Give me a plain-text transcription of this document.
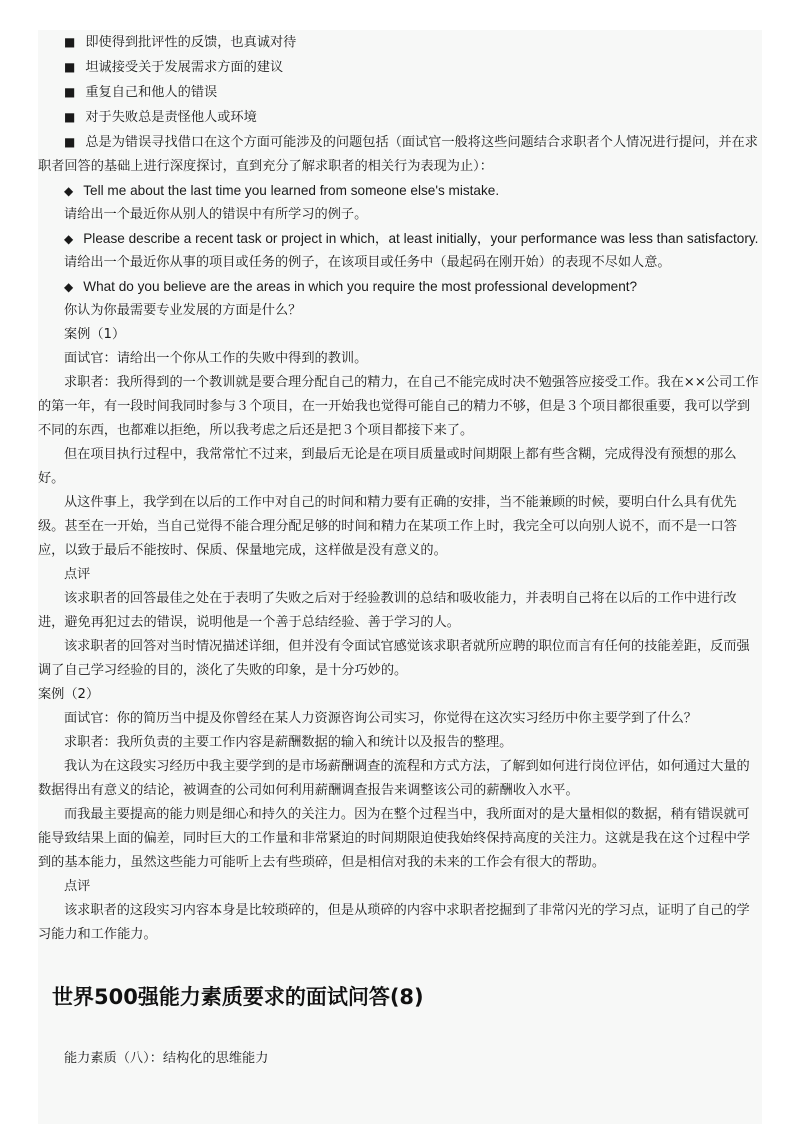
■ 即使得到批评性的反馈，也真诚对待

■ 坦诚接受关于发展需求方面的建议

■ 重复自己和他人的错误

■ 对于失败总是责怪他人或环境

■ 总是为错误寻找借口在这个方面可能涉及的问题包括（面试官一般将这些问题结合求职者个人情况进行提问，并在求职者回答的基础上进行深度探讨，直到充分了解求职者的相关行为表现为止）：

◆ Tell me about the last time you learned from someone else's mistake.

请给出一个最近你从别人的错误中有所学习的例子。

◆ Please describe a recent task or project in which，at least initially，your performance was less than satisfactory.

请给出一个最近你从事的项目或任务的例子，在该项目或任务中（最起码在刚开始）的表现不尽如人意。

◆ What do you believe are the areas in which you require the most professional development?

你认为你最需要专业发展的方面是什么？

案例（1）

面试官：请给出一个你从工作的失败中得到的教训。

求职者：我所得到的一个教训就是要合理分配自己的精力，在自己不能完成时决不勉强答应接受工作。我在××公司工作的第一年，有一段时间我同时参与３个项目，在一开始我也觉得可能自己的精力不够，但是３个项目都很重要，我可以学到不同的东西，也都难以拒绝，所以我考虑之后还是把３个项目都接下来了。

但在项目执行过程中，我常常忙不过来，到最后无论是在项目质量或时间期限上都有些含糊，完成得没有预想的那么好。

从这件事上，我学到在以后的工作中对自己的时间和精力要有正确的安排，当不能兼顾的时候，要明白什么具有优先级。甚至在一开始，当自己觉得不能合理分配足够的时间和精力在某项工作上时，我完全可以向别人说不，而不是一口答应，以致于最后不能按时、保质、保量地完成，这样做是没有意义的。

点评

该求职者的回答最佳之处在于表明了失败之后对于经验教训的总结和吸收能力，并表明自己将在以后的工作中进行改进，避免再犯过去的错误，说明他是一个善于总结经验、善于学习的人。

该求职者的回答对当时情况描述详细，但并没有令面试官感觉该求职者就所应聘的职位而言有任何的技能差距，反而强调了自己学习经验的目的，淡化了失败的印象，是十分巧妙的。

案例（2）

面试官：你的简历当中提及你曾经在某人力资源咨询公司实习，你觉得在这次实习经历中你主要学到了什么？

求职者：我所负责的主要工作内容是薪酬数据的输入和统计以及报告的整理。

我认为在这段实习经历中我主要学到的是市场薪酬调查的流程和方式方法，了解到如何进行岗位评估，如何通过大量的数据得出有意义的结论，被调查的公司如何利用薪酬调查报告来调整该公司的薪酬收入水平。

而我最主要提高的能力则是细心和持久的关注力。因为在整个过程当中，我所面对的是大量相似的数据，稍有错误就可能导致结果上面的偏差，同时巨大的工作量和非常紧迫的时间期限迫使我始终保持高度的关注力。这就是我在这个过程中学到的基本能力，虽然这些能力可能听上去有些琐碎，但是相信对我的未来的工作会有很大的帮助。

点评

该求职者的这段实习内容本身是比较琐碎的，但是从琐碎的内容中求职者挖掘到了非常闪光的学习点，证明了自己的学习能力和工作能力。

世界500强能力素质要求的面试问答(8)

能力素质（八）：结构化的思维能力
